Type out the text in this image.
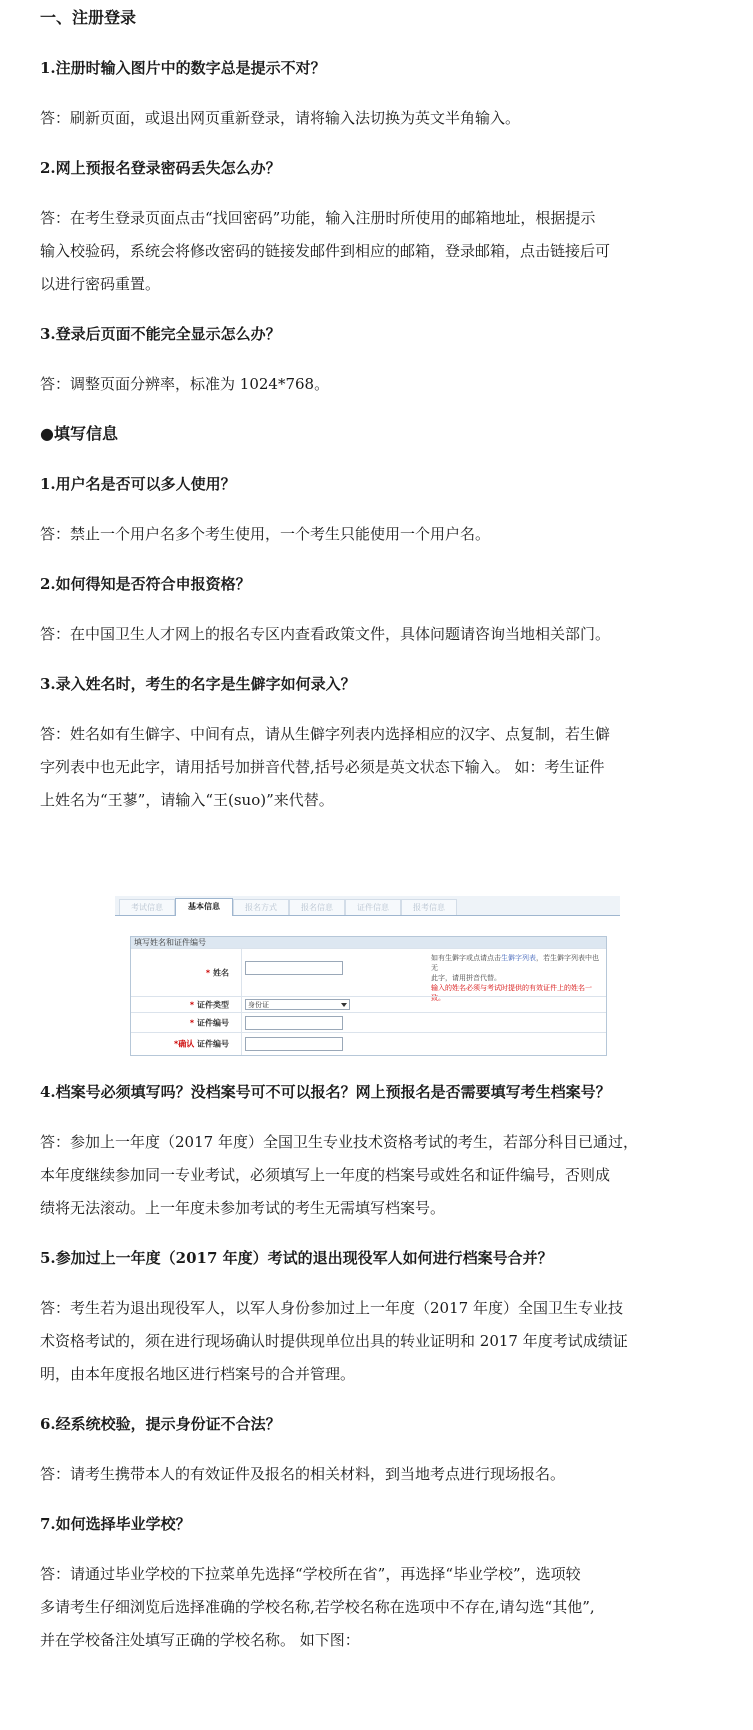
一、注册登录
1.注册时输入图片中的数字总是提示不对？
答：刷新页面，或退出网页重新登录，请将输入法切换为英文半角输入。
2.网上预报名登录密码丢失怎么办？
答：在考生登录页面点击“找回密码”功能，输入注册时所使用的邮箱地址，根据提示
输入校验码，系统会将修改密码的链接发邮件到相应的邮箱，登录邮箱，点击链接后可
以进行密码重置。
3.登录后页面不能完全显示怎么办？
答：调整页面分辨率，标准为 1024*768。
●填写信息
1.用户名是否可以多人使用？
答：禁止一个用户名多个考生使用，一个考生只能使用一个用户名。
2.如何得知是否符合申报资格？
答：在中国卫生人才网上的报名专区内查看政策文件，具体问题请咨询当地相关部门。
3.录入姓名时，考生的名字是生僻字如何录入？
答：姓名如有生僻字、中间有点，请从生僻字列表内选择相应的汉字、点复制，若生僻
字列表中也无此字，请用括号加拼音代替,括号必须是英文状态下输入。 如：考生证件
上姓名为“王蓼”，请输入“王(suo)”来代替。
考试信息	基本信息	报名方式	报名信息	证件信息	报考信息
填写姓名和证件编号
* 姓名
如有生僻字或点请点击生僻字列表，若生僻字列表中也无
此字，请用拼音代替。
输入的姓名必须与考试时提供的有效证件上的姓名一致。
* 证件类型	身份证
* 证件编号
*确认 证件编号
4.档案号必须填写吗？没档案号可不可以报名？网上预报名是否需要填写考生档案号？
答：参加上一年度（2017 年度）全国卫生专业技术资格考试的考生，若部分科目已通过，
本年度继续参加同一专业考试，必须填写上一年度的档案号或姓名和证件编号，否则成
绩将无法滚动。上一年度未参加考试的考生无需填写档案号。
5.参加过上一年度（2017 年度）考试的退出现役军人如何进行档案号合并？
答：考生若为退出现役军人，以军人身份参加过上一年度（2017 年度）全国卫生专业技
术资格考试的，须在进行现场确认时提供现单位出具的转业证明和 2017 年度考试成绩证
明，由本年度报名地区进行档案号的合并管理。
6.经系统校验，提示身份证不合法？
答：请考生携带本人的有效证件及报名的相关材料，到当地考点进行现场报名。
7.如何选择毕业学校？
答：请通过毕业学校的下拉菜单先选择“学校所在省”，再选择“毕业学校”，选项较
多请考生仔细浏览后选择准确的学校名称,若学校名称在选项中不存在,请勾选“其他”,
并在学校备注处填写正确的学校名称。 如下图：
